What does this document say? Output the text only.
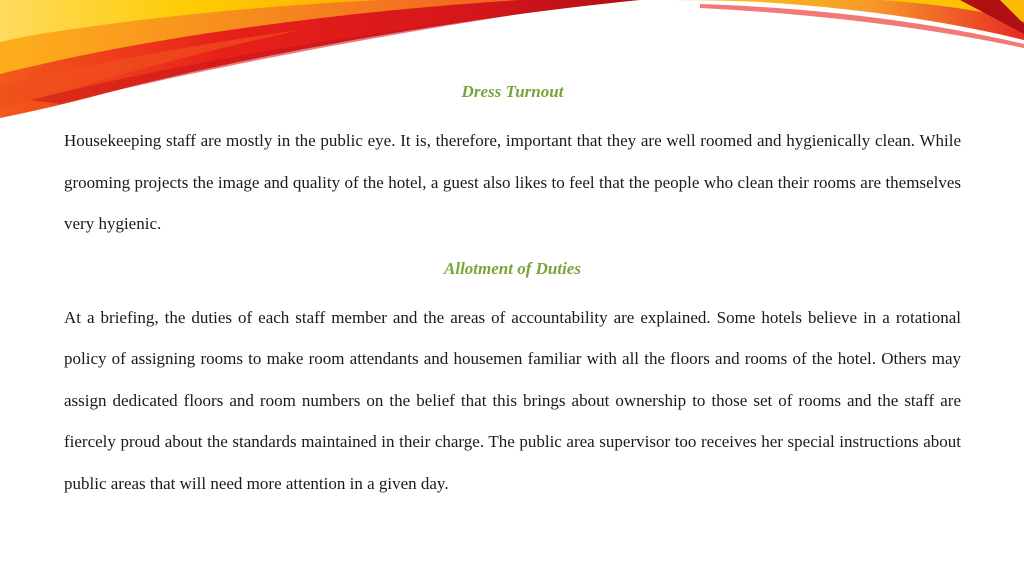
Dress Turnout

Housekeeping staff are mostly in the public eye. It is, therefore, important that they are well roomed and hygienically clean. While grooming projects the image and quality of the hotel, a guest also likes to feel that the people who clean their rooms are themselves very hygienic.

Allotment of Duties

At a briefing, the duties of each staff member and the areas of accountability are explained. Some hotels believe in a rotational policy of assigning rooms to make room attendants and housemen familiar with all the floors and rooms of the hotel. Others may assign dedicated floors and room numbers on the belief that this brings about ownership to those set of rooms and the staff are fiercely proud about the standards maintained in their charge. The public area supervisor too receives her special instructions about public areas that will need more attention in a given day.
